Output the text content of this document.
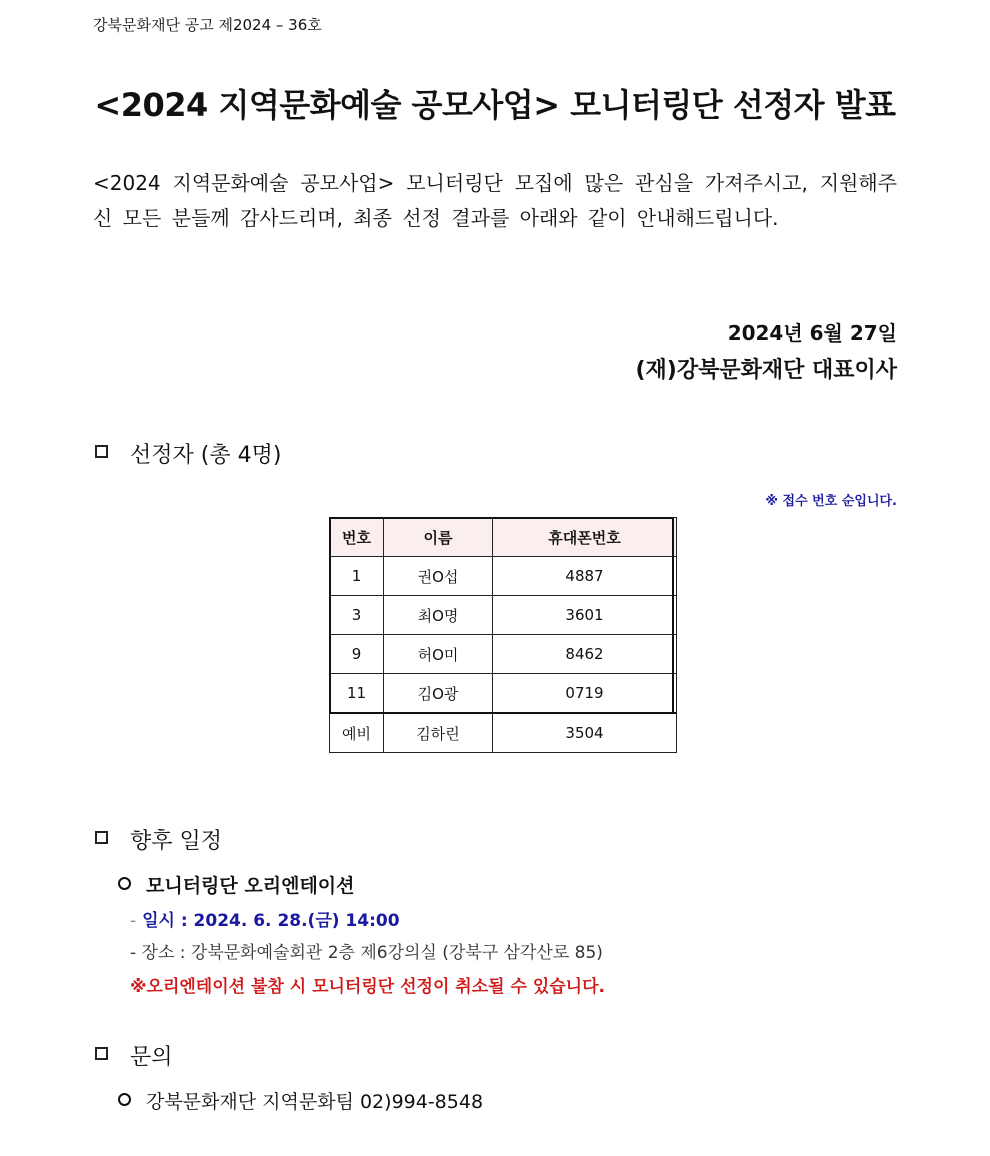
강북문화재단 공고 제2024 – 36호
<2024 지역문화예술 공모사업> 모니터링단 선정자 발표
<2024 지역문화예술 공모사업> 모니터링단 모집에 많은 관심을 가져주시고, 지원해주신 모든 분들께 감사드리며, 최종 선정 결과를 아래와 같이 안내해드립니다.
2024년 6월 27일
(재)강북문화재단 대표이사
선정자 (총 4명)
※ 접수 번호 순입니다.
번호	이름	휴대폰번호
1	권O섭	4887
3	최O명	3601
9	허O미	8462
11	김O광	0719
예비	김하린	3504
향후 일정
모니터링단 오리엔테이션
- 일시 : 2024. 6. 28.(금) 14:00
- 장소 : 강북문화예술회관 2층 제6강의실 (강북구 삼각산로 85)
※오리엔테이션 불참 시 모니터링단 선정이 취소될 수 있습니다.
문의
강북문화재단 지역문화팀 02)994-8548
